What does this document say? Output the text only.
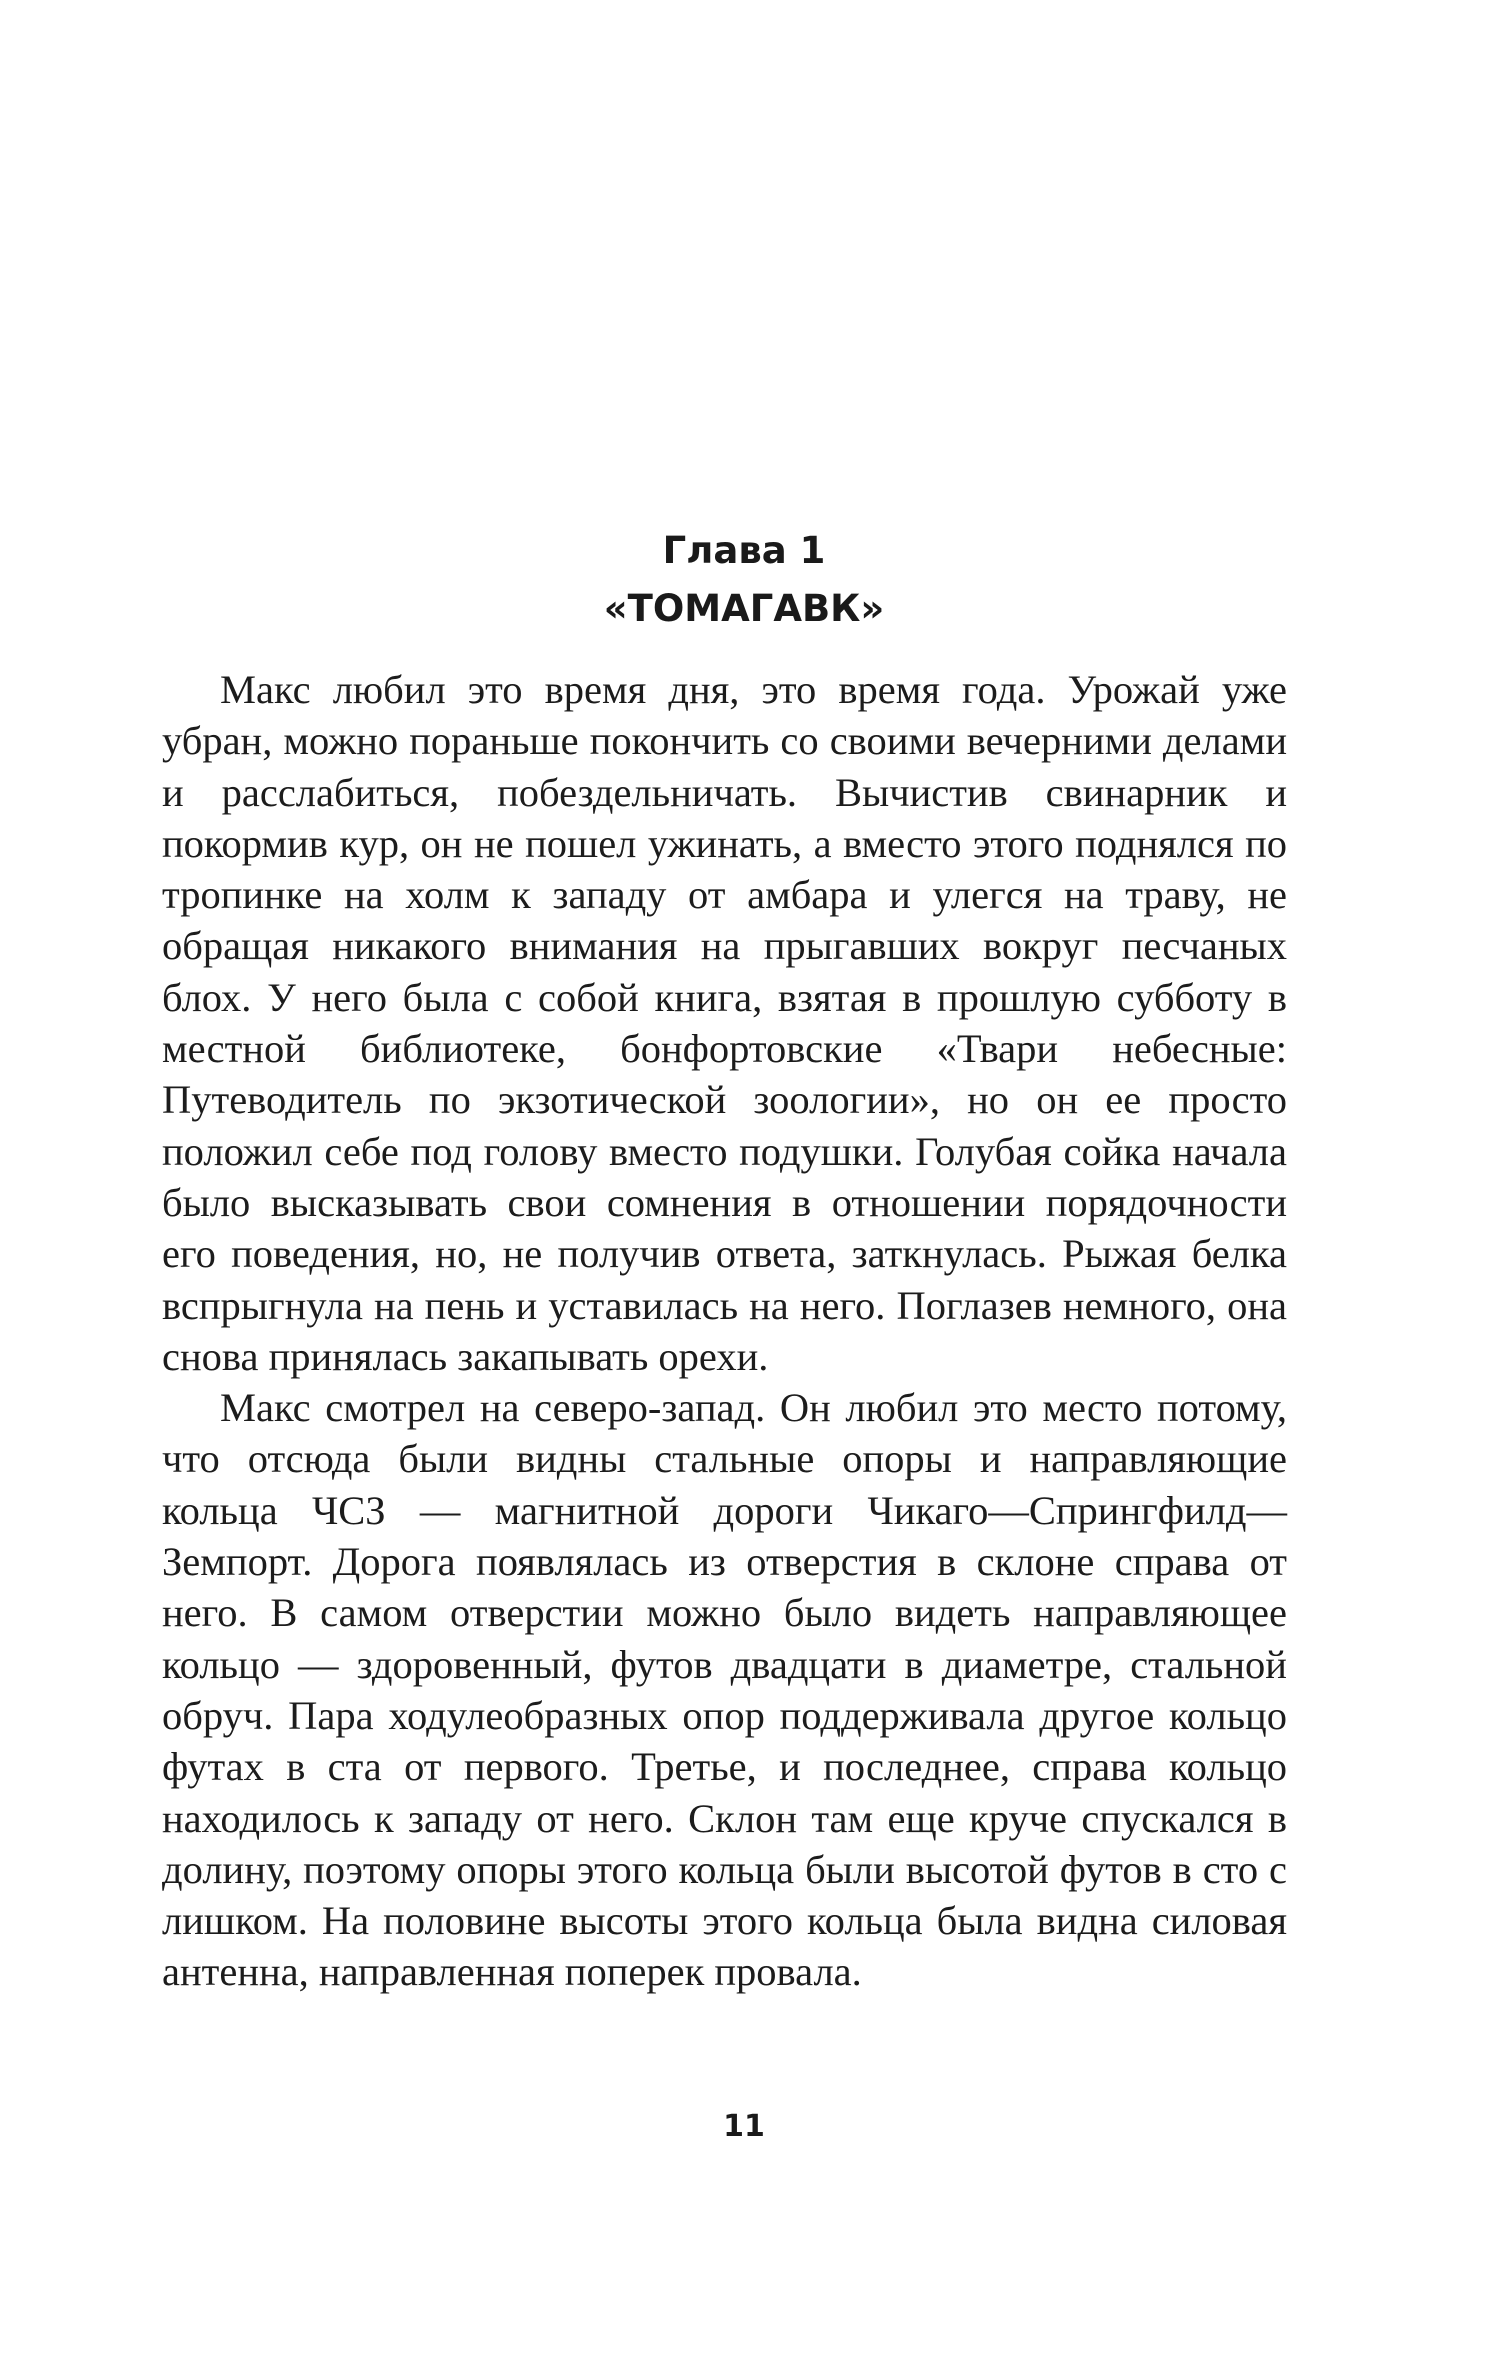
Глава 1
«ТОМАГАВК»

Макс любил это время дня, это время года. Урожай уже убран, можно пораньше покончить со своими вечерними делами и расслабиться, побездельничать. Вычистив свинарник и покормив кур, он не пошел ужинать, а вместо этого поднялся по тропинке на холм к западу от амбара и улегся на траву, не обращая никакого внимания на прыгавших вокруг песчаных блох. У него была с собой книга, взятая в прошлую субботу в местной библиотеке, бонфортовские «Твари небесные: Путеводитель по экзотической зоологии», но он ее просто положил себе под голову вместо подушки. Голубая сойка начала было высказывать свои сомнения в отношении порядочности его поведения, но, не получив ответа, заткнулась. Рыжая белка вспрыгнула на пень и уставилась на него. Поглазев немного, она снова принялась закапывать орехи.

Макс смотрел на северо-запад. Он любил это место потому, что отсюда были видны стальные опоры и направляющие кольца ЧСЗ — магнитной дороги Чикаго—Спрингфилд—Земпорт. Дорога появлялась из отверстия в склоне справа от него. В самом отверстии можно было видеть направляющее кольцо — здоровенный, футов двадцати в диаметре, стальной обруч. Пара ходулеобразных опор поддерживала другое кольцо футах в ста от первого. Третье, и последнее, справа кольцо находилось к западу от него. Склон там еще круче спускался в долину, поэтому опоры этого кольца были высотой футов в сто с лишком. На половине высоты этого кольца была видна силовая антенна, направленная поперек провала.

11
